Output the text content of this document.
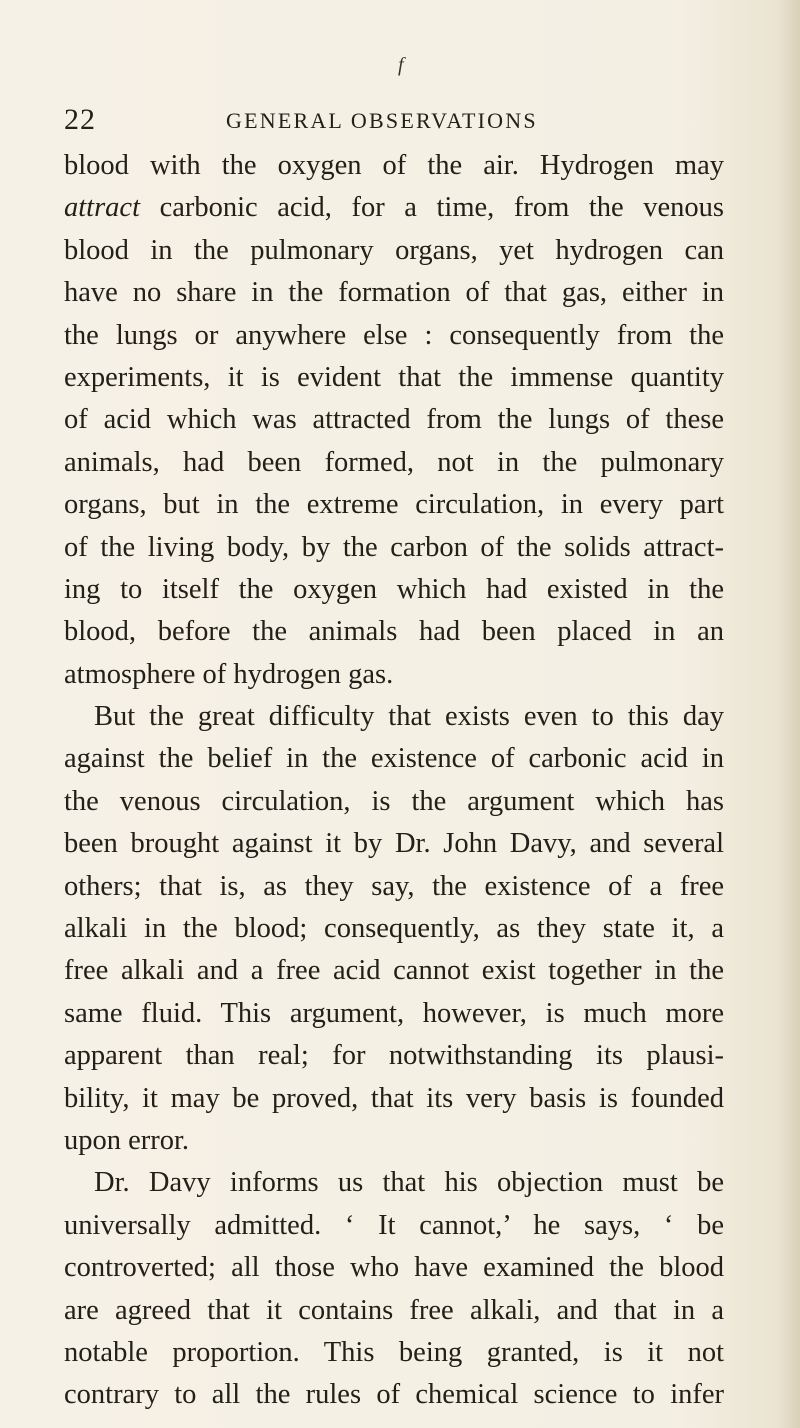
f
22	GENERAL OBSERVATIONS
blood with the oxygen of the air. Hydrogen may
attract carbonic acid, for a time, from the venous
blood in the pulmonary organs, yet hydrogen can
have no share in the formation of that gas, either in
the lungs or anywhere else : consequently from the
experiments, it is evident that the immense quantity
of acid which was attracted from the lungs of these
animals, had been formed, not in the pulmonary
organs, but in the extreme circulation, in every part
of the living body, by the carbon of the solids attract-
ing to itself the oxygen which had existed in the
blood, before the animals had been placed in an
atmosphere of hydrogen gas.
But the great difficulty that exists even to this day
against the belief in the existence of carbonic acid in
the venous circulation, is the argument which has
been brought against it by Dr. John Davy, and several
others; that is, as they say, the existence of a free
alkali in the blood; consequently, as they state it, a
free alkali and a free acid cannot exist together in the
same fluid. This argument, however, is much more
apparent than real; for notwithstanding its plausi-
bility, it may be proved, that its very basis is founded
upon error.
Dr. Davy informs us that his objection must be
universally admitted. ‘ It cannot,’ he says, ‘ be
controverted; all those who have examined the blood
are agreed that it contains free alkali, and that in a
notable proportion. This being granted, is it not
contrary to all the rules of chemical science to infer
